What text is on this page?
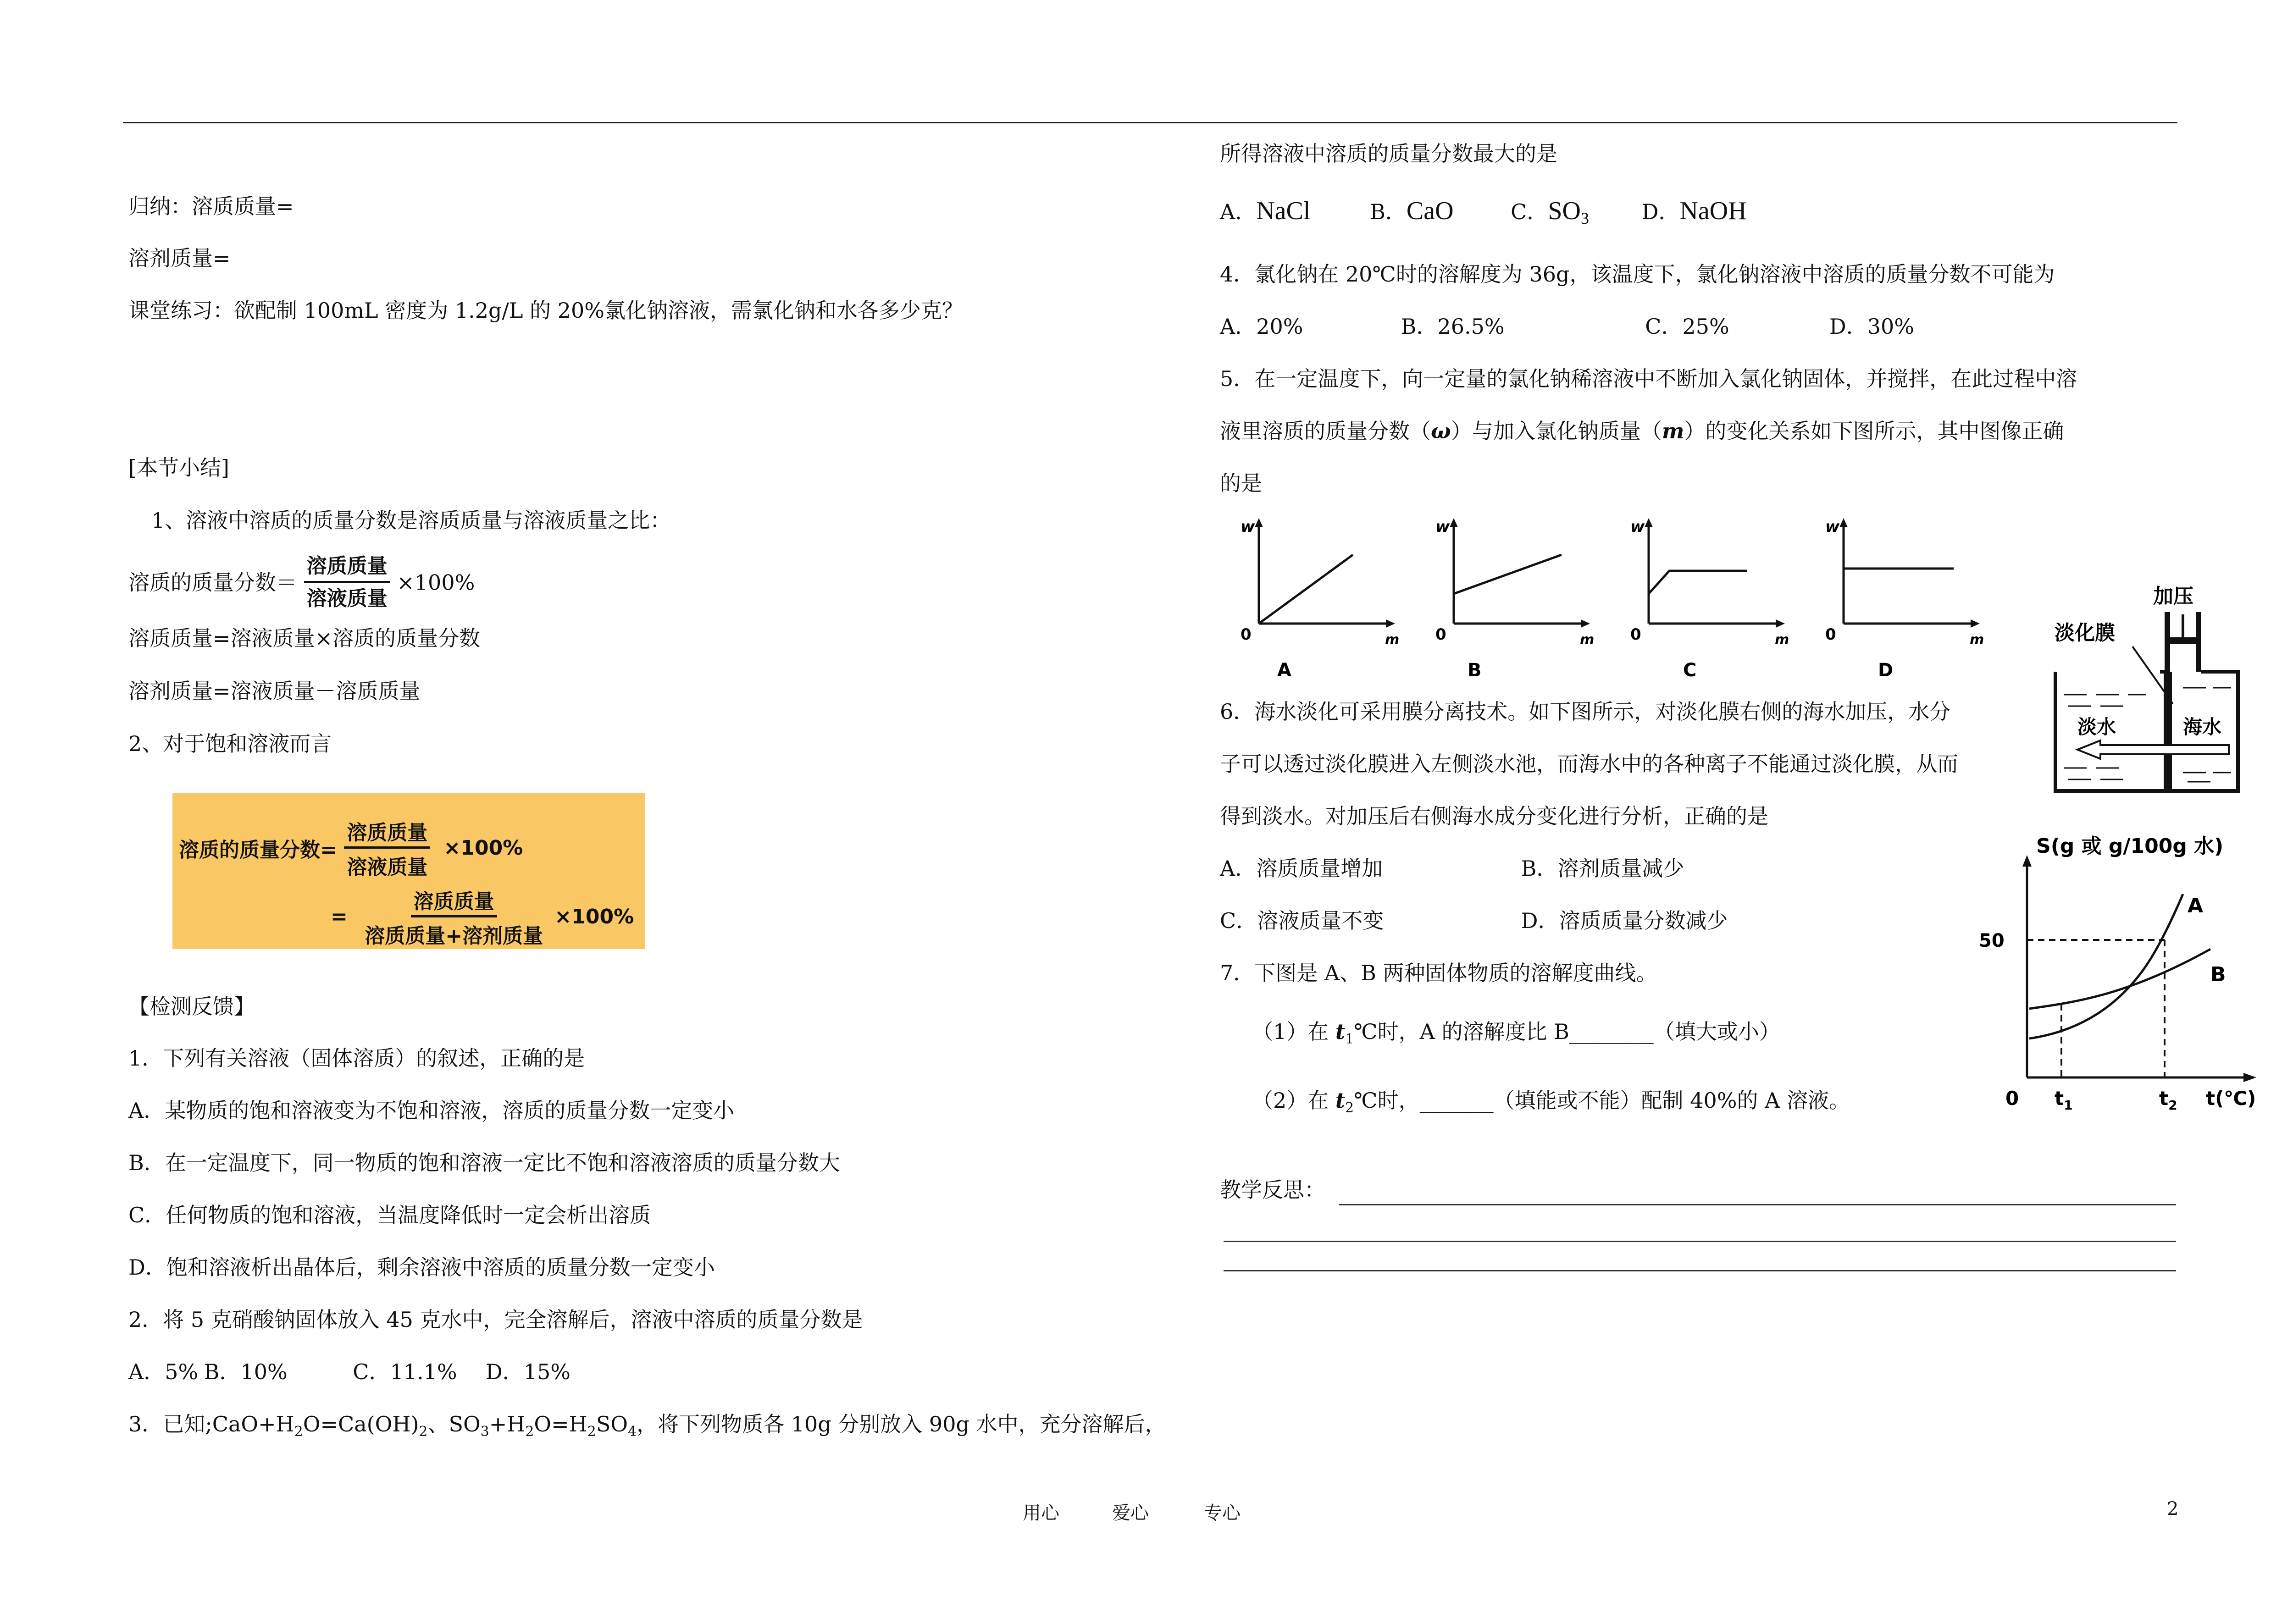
归纳：溶质质量=
溶剂质量=
课堂练习：欲配制 100mL 密度为 1.2g/L 的 20%氯化钠溶液，需氯化钠和水各多少克？
[本节小结]
1、溶液中溶质的质量分数是溶质质量与溶液质量之比：
溶质的质量分数＝ $\frac{\text{溶质质量}}{\text{溶液质量}} \times 100\%$
溶质质量=溶液质量×溶质的质量分数
溶剂质量=溶液质量－溶质质量
2、对于饱和溶液而言
溶质的质量分数= $\frac{\text{溶质质量}}{\text{溶液质量}} \times 100\%$
= $\frac{\text{溶质质量}}{\text{溶质质量+溶剂质量}} \times 100\%$
【检测反馈】
1．下列有关溶液（固体溶质）的叙述，正确的是
A．某物质的饱和溶液变为不饱和溶液，溶质的质量分数一定变小
B．在一定温度下，同一物质的饱和溶液一定比不饱和溶液溶质的质量分数大
C．任何物质的饱和溶液，当温度降低时一定会析出溶质
D．饱和溶液析出晶体后，剩余溶液中溶质的质量分数一定变小
2．将 5 克硝酸钠固体放入 45 克水中，完全溶解后，溶液中溶质的质量分数是
A．5% B．10%	C．11.1% D．15%
3．已知$;CaO+H_2O=Ca(OH)_2$、$SO_3+H_2O=H_2SO_4$，将下列物质各 10g 分别放入 90g 水中，充分溶解后，
所得溶液中溶质的质量分数最大的是
A．NaCl	B．CaO	C．$SO_3$ D．NaOH
4．氯化钠在 20℃时的溶解度为 36g，该温度下，氯化钠溶液中溶质的质量分数不可能为
A．20%	B．26.5%	C．25%	D．30%
5．在一定温度下，向一定量的氯化钠稀溶液中不断加入氯化钠固体，并搅拌，在此过程中溶
液里溶质的质量分数（ω）与加入氯化钠质量（m）的变化关系如下图所示，其中图像正确
的是
w
0	m
A
w
0	m
B
w
0	m
C
w
0	m
D
加压
淡化膜
淡水	海水
6．海水淡化可采用膜分离技术。如下图所示，对淡化膜右侧的海水加压，水分
子可以透过淡化膜进入左侧淡水池，而海水中的各种离子不能通过淡化膜，从而
得到淡水。对加压后右侧海水成分变化进行分析，正确的是
A．溶质质量增加	B．溶剂质量减少
C．溶液质量不变	D．溶质质量分数减少
7．下图是 A、B 两种固体物质的溶解度曲线。
（1）在 $t_1℃$时，A 的溶解度比 B________（填大或小）
（2）在 $t_2℃$时，_______（填能或不能）配制 40%的 A 溶液。
S(g 或 g/100g 水)
50
0 $t_1$	$t_2$ t(℃)
A
B
教学反思：
用心	爱心	专心	2
